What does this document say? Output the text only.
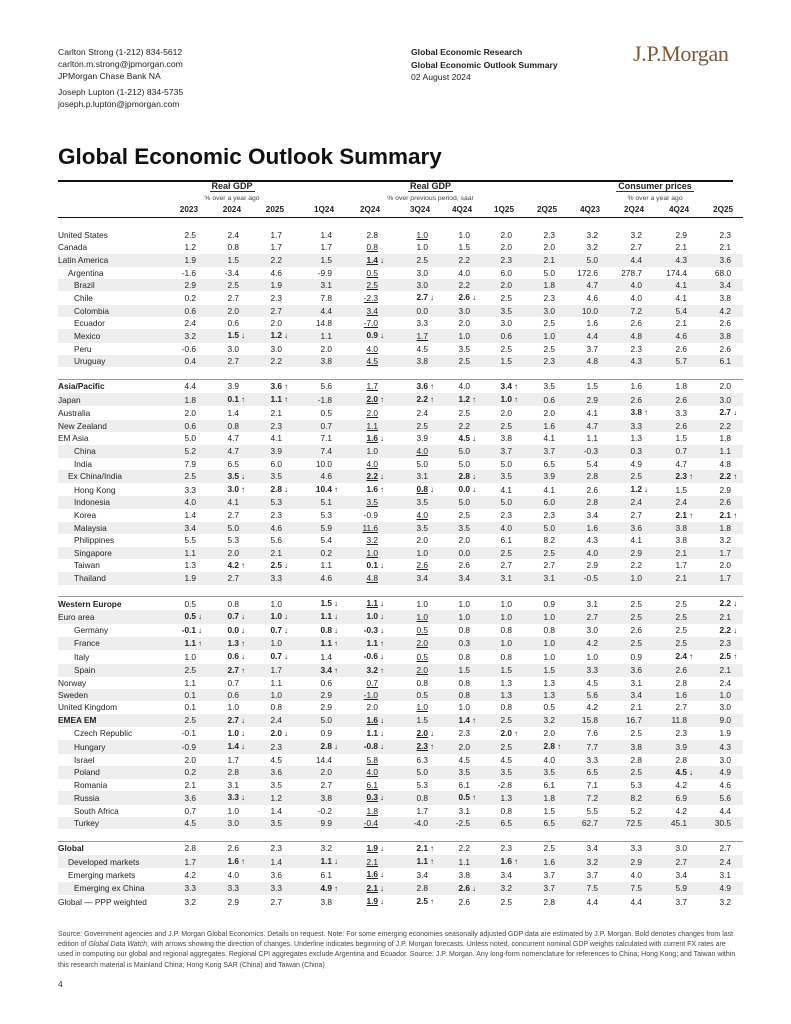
Carlton Strong (1-212) 834-5612
carlton.m.strong@jpmorgan.com
JPMorgan Chase Bank NA
Joseph Lupton (1-212) 834-5735
joseph.p.lupton@jpmorgan.com
Global Economic Research
Global Economic Outlook Summary
02 August 2024
J.P.Morgan
Global Economic Outlook Summary
	Real GDP			Real GDP						Consumer prices			
	% over a year ago			% over previous period, saar						% over a year ago			
	2023	2024	2025	1Q24	2Q24	3Q24	4Q24	1Q25	2Q25	4Q23	2Q24	4Q24	2Q25

United States	2.5	2.4	1.7	1.4	2.8	1.0	1.0	2.0	2.3	3.2	3.2	2.9	2.3
Canada	1.2	0.8	1.7	1.7	0.8	1.0	1.5	2.0	2.0	3.2	2.7	2.1	2.1
Latin America	1.9	1.5	2.2	1.5	1.4 ↓	2.5	2.2	2.3	2.1	5.0	4.4	4.3	3.6
Argentina	-1.6	-3.4	4.6	-9.9	0.5	3.0	4.0	6.0	5.0	172.6	278.7	174.4	68.0
Brazil	2.9	2.5	1.9	3.1	2.5	3.0	2.2	2.0	1.8	4.7	4.0	4.1	3.4
Chile	0.2	2.7	2.3	7.8	-2.3	2.7 ↓	2.6 ↓	2.5	2.3	4.6	4.0	4.1	3.8
Colombia	0.6	2.0	2.7	4.4	3.4	0.0	3.0	3.5	3.0	10.0	7.2	5.4	4.2
Ecuador	2.4	0.6	2.0	14.8	-7.0	3.3	2.0	3.0	2.5	1.6	2.6	2.1	2.6
Mexico	3.2	1.5 ↓	1.2 ↓	1.1	0.9 ↓	1.7	1.0	0.6	1.0	4.4	4.8	4.6	3.8
Peru	-0.6	3.0	3.0	2.0	4.0	4.5	3.5	2.5	2.5	3.7	2.3	2.6	2.6
Uruguay	0.4	2.7	2.2	3.8	4.5	3.8	2.5	1.5	2.3	4.8	4.3	5.7	6.1

Asia/Pacific	4.4	3.9	3.6 ↑	5.6	1.7	3.6 ↑	4.0	3.4 ↑	3.5	1.5	1.6	1.8	2.0
Japan	1.8	0.1 ↑	1.1 ↑	-1.8	2.0 ↑	2.2 ↑	1.2 ↑	1.0 ↑	0.6	2.9	2.6	2.6	3.0
Australia	2.0	1.4	2.1	0.5	2.0	2.4	2.5	2.0	2.0	4.1	3.8 ↑	3.3	2.7 ↓
New Zealand	0.6	0.8	2.3	0.7	1.1	2.5	2.2	2.5	1.6	4.7	3.3	2.6	2.2
EM Asia	5.0	4.7	4.1	7.1	1.6 ↓	3.9	4.5 ↓	3.8	4.1	1.1	1.3	1.5	1.8
China	5.2	4.7	3.9	7.4	1.0	4.0	5.0	3.7	3.7	-0.3	0.3	0.7	1.1
India	7.9	6.5	6.0	10.0	4.0	5.0	5.0	5.0	6.5	5.4	4.9	4.7	4.8
Ex China/India	2.5	3.5 ↓	3.5	4.6	2.2 ↓	3.1	2.8 ↓	3.5	3.9	2.8	2.5	2.3 ↑	2.2 ↑
Hong Kong	3.3	3.0 ↑	2.8 ↓	10.4 ↑	1.6 ↑	0.8 ↓	0.0 ↓	4.1	4.1	2.6	1.2 ↓	1.5	2.9
Indonesia	4.0	4.1	5.3	5.1	3.5	3.5	5.0	5.0	6.0	2.8	2.4	2.4	2.6
Korea	1.4	2.7	2.3	5.3	-0.9	4.0	2.5	2.3	2.3	3.4	2.7	2.1 ↑	2.1 ↑
Malaysia	3.4	5.0	4.6	5.9	11.6	3.5	3.5	4.0	5.0	1.6	3.6	3.8	1.8
Philippines	5.5	5.3	5.6	5.4	3.2	2.0	2.0	6.1	8.2	4.3	4.1	3.8	3.2
Singapore	1.1	2.0	2.1	0.2	1.0	1.0	0.0	2.5	2.5	4.0	2.9	2.1	1.7
Taiwan	1.3	4.2 ↑	2.5 ↓	1.1	0.1 ↓	2.6	2.6	2.7	2.7	2.9	2.2	1.7	2.0
Thailand	1.9	2.7	3.3	4.6	4.8	3.4	3.4	3.1	3.1	-0.5	1.0	2.1	1.7

Western Europe	0.5	0.8	1.0	1.5 ↓	1.1 ↓	1.0	1.0	1.0	0.9	3.1	2.5	2.5	2.2 ↓
Euro area	0.5 ↓	0.7 ↓	1.0 ↓	1.1 ↓	1.0 ↓	1.0	1.0	1.0	1.0	2.7	2.5	2.5	2.1
Germany	-0.1 ↓	0.0 ↓	0.7 ↓	0.8 ↓	-0.3 ↓	0.5	0.8	0.8	0.8	3.0	2.6	2.5	2.2 ↓
France	1.1 ↑	1.3 ↑	1.0	1.1 ↑	1.1 ↑	2.0	0.3	1.0	1.0	4.2	2.5	2.5	2.3
Italy	1.0	0.6 ↓	0.7 ↓	1.4	-0.6 ↓	0.5	0.8	0.8	1.0	1.0	0.9	2.4 ↑	2.5 ↑
Spain	2.5	2.7 ↑	1.7	3.4 ↑	3.2 ↑	2.0	1.5	1.5	1.5	3.3	3.6	2.6	2.1
Norway	1.1	0.7	1.1	0.6	0.7	0.8	0.8	1.3	1.3	4.5	3.1	2.8	2.4
Sweden	0.1	0.6	1.0	2.9	-1.0	0.5	0.8	1.3	1.3	5.6	3.4	1.6	1.0
United Kingdom	0.1	1.0	0.8	2.9	2.0	1.0	1.0	0.8	0.5	4.2	2.1	2.7	3.0
EMEA EM	2.5	2.7 ↓	2.4	5.0	1.6 ↓	1.5	1.4 ↑	2.5	3.2	15.8	16.7	11.8	9.0
Czech Republic	-0.1	1.0 ↓	2.0 ↓	0.9	1.1 ↓	2.0 ↓	2.3	2.0 ↑	2.0	7.6	2.5	2.3	1.9
Hungary	-0.9	1.4 ↓	2.3	2.8 ↓	-0.8 ↓	2.3 ↑	2.0	2.5	2.8 ↑	7.7	3.8	3.9	4.3
Israel	2.0	1.7	4.5	14.4	5.8	6.3	4.5	4.5	4.0	3.3	2.8	2.8	3.0
Poland	0.2	2.8	3.6	2.0	4.0	5.0	3.5	3.5	3.5	6.5	2.5	4.5 ↓	4.9
Romania	2.1	3.1	3.5	2.7	6.1	5.3	6.1	-2.8	6.1	7.1	5.3	4.2	4.6
Russia	3.6	3.3 ↓	1.2	3.8	0.3 ↓	0.8	0.5 ↑	1.3	1.8	7.2	8.2	6.9	5.6
South Africa	0.7	1.0	1.4	-0.2	1.8	1.7	3.1	0.8	1.5	5.5	5.2	4.2	4.4
Turkey	4.5	3.0	3.5	9.9	-0.4	-4.0	-2.5	6.5	6.5	62.7	72.5	45.1	30.5

Global	2.8	2.6	2.3	3.2	1.9 ↓	2.1 ↑	2.2	2.3	2.5	3.4	3.3	3.0	2.7
Developed markets	1.7	1.6 ↑	1.4	1.1 ↓	2.1	1.1 ↑	1.1	1.6 ↑	1.6	3.2	2.9	2.7	2.4
Emerging markets	4.2	4.0	3.6	6.1	1.6 ↓	3.4	3.8	3.4	3.7	3.7	4.0	3.4	3.1
Emerging ex China	3.3	3.3	3.3	4.9 ↑	2.1 ↓	2.8	2.6 ↓	3.2	3.7	7.5	7.5	5.9	4.9
Global — PPP weighted	3.2	2.9	2.7	3.8	1.9 ↓	2.5 ↑	2.6	2.5	2.8	4.4	4.4	3.7	3.2
Source: Government agencies and J.P. Morgan Global Economics. Details on request. Note: For some emerging economies seasonally adjusted GDP data are estimated by J.P. Morgan. Bold denotes changes from last edition of Global Data Watch, with arrows showing the direction of changes. Underline indicates beginning of J.P. Morgan forecasts. Unless noted, concurrent nominal GDP weights calculated with current FX rates are used in computing our global and regional aggregates. Regional CPI aggregates exclude Argentina and Ecuador. Source: J.P. Morgan. Any long-form nomenclature for references to China; Hong Kong; and Taiwan within this research material is Mainland China; Hong Kong SAR (China) and Taiwan (China)
4
